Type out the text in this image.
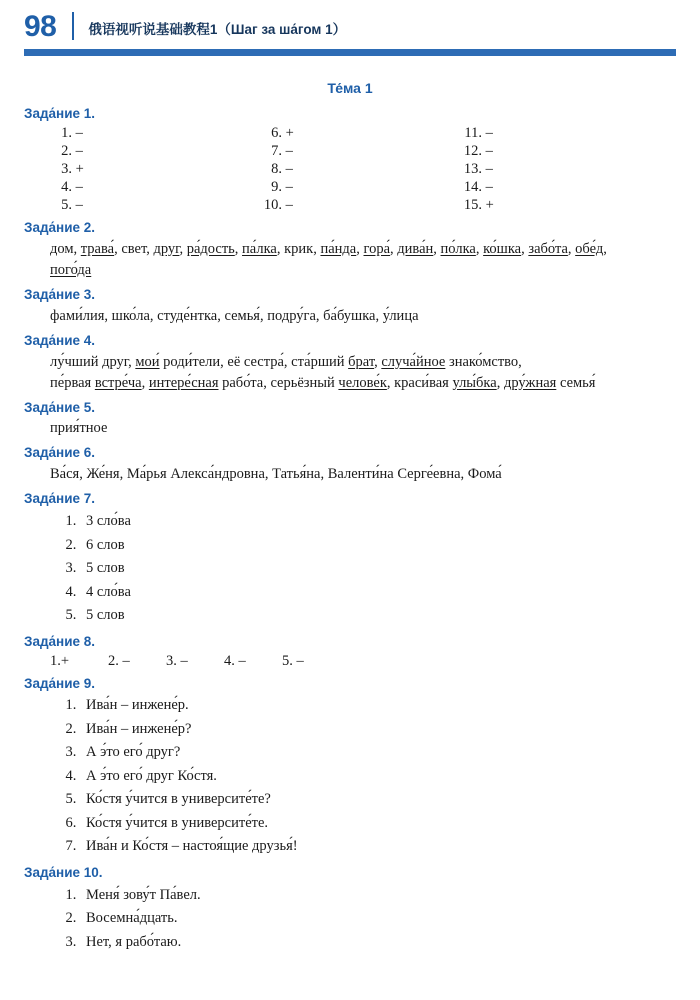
98 俄语视听说基础教程1（Шаг за ша́гом 1）
Те́ма 1
Зада́ние 1.
1. –	6. +	11. –
2. –	7. –	12. –
3. +	8. –	13. –
4. –	9. –	14. –
5. –	10. –	15. +
Зада́ние 2.
дом, трава́, свет, друг, ра́дость, па́лка, крик, па́нда, гора́, дива́н, по́лка, ко́шка, забо́та, обе́д,
пого́да
Зада́ние 3.
фами́лия, шко́ла, студе́нтка, семья́, подру́га, ба́бушка, у́лица
Зада́ние 4.
лу́чший друг, мои́ роди́тели, её сестра́, ста́рший брат, случа́йное знако́мство,
пе́рвая встре́ча, интере́сная рабо́та, серьёзный челове́к, краси́вая улы́бка, дру́жная семья́
Зада́ние 5.
прия́тное
Зада́ние 6.
Ва́ся, Же́ня, Ма́рья Алекса́ндровна, Татья́на, Валенти́на Серге́евна, Фома́
Зада́ние 7.
1. 3 сло́ва
2. 6 слов
3. 5 слов
4. 4 сло́ва
5. 5 слов
Зада́ние 8.
1.+	2. –	3. –	4. –	5. –
Зада́ние 9.
1. Ива́н – инжене́р.
2. Ива́н – инжене́р?
3. А э́то его́ друг?
4. А э́то его́ друг Ко́стя.
5. Ко́стя у́чится в университе́те?
6. Ко́стя у́чится в университе́те.
7. Ива́н и Ко́стя – настоя́щие друзья́!
Зада́ние 10.
1. Меня́ зову́т Па́вел.
2. Восемна́дцать.
3. Нет, я рабо́таю.
